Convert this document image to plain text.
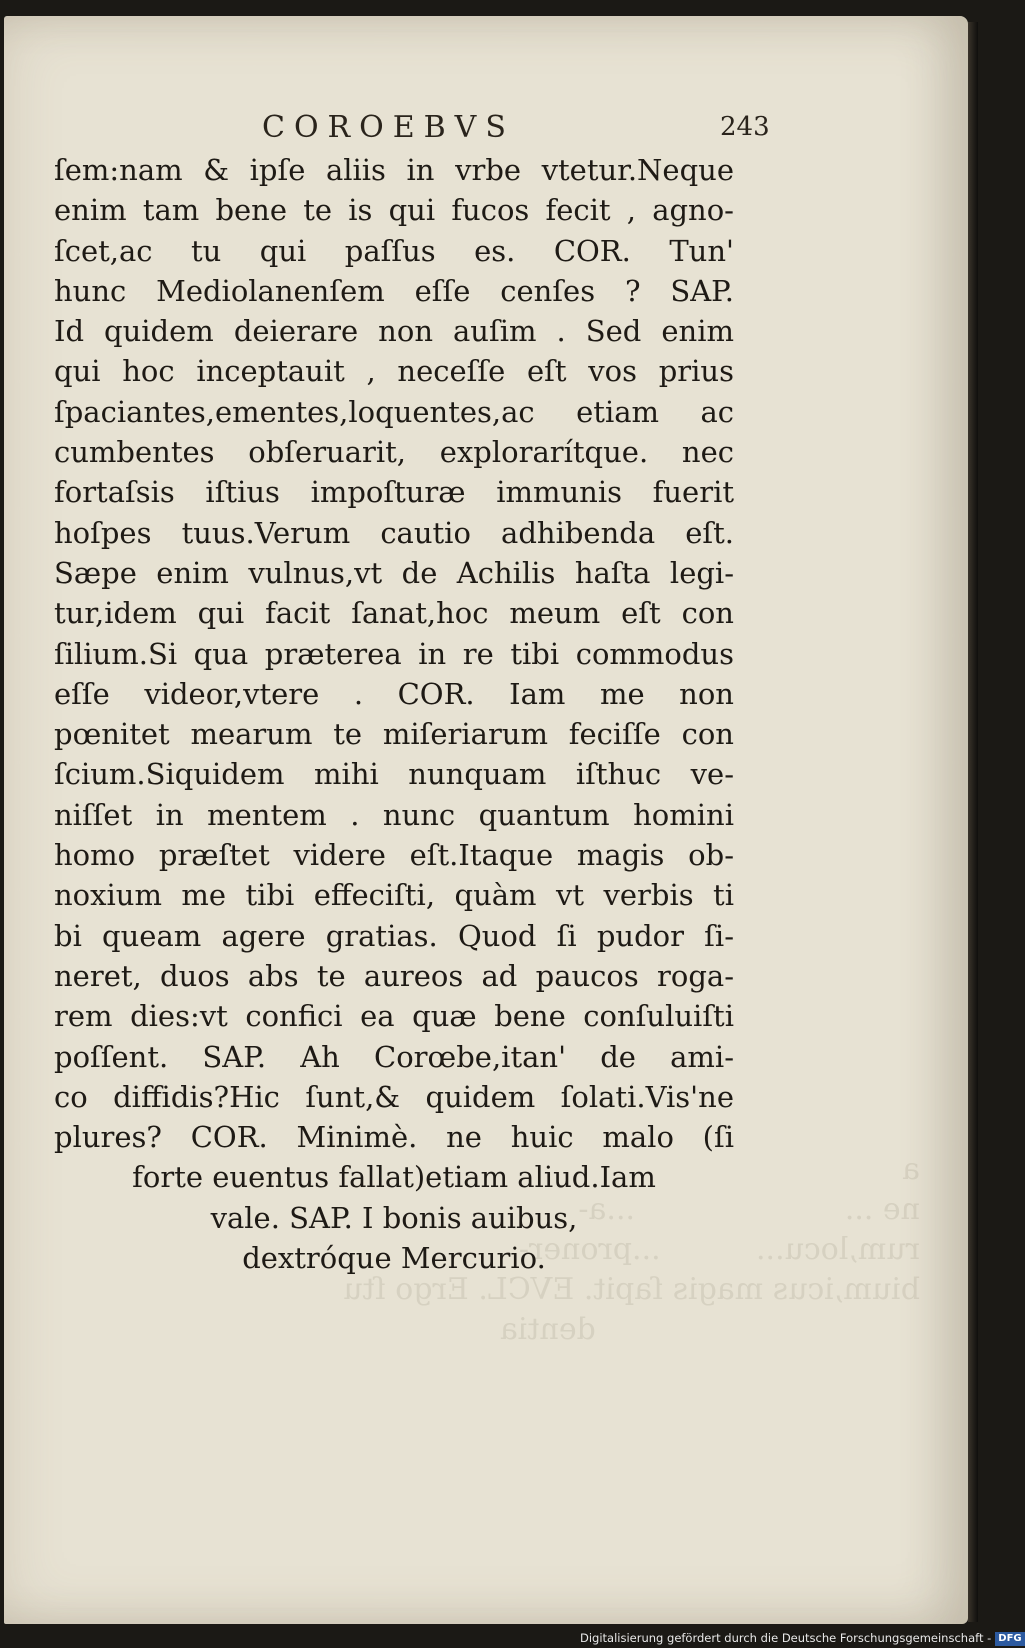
a
ne ...                      ...a-
rum,locu...          ...proner-
bium,icus magis ſapit. EVCL. Ergo ſtu
dentia
COROEBVS	243
ſem:nam & ipſe aliis in vrbe vtetur.Neque
enim tam bene te is qui fucos fecit , agno-
ſcet,ac tu qui paſſus es. COR. Tun'
hunc Mediolanenſem eſſe cenſes ? SAP.
Id quidem deierare non auſim . Sed enim
qui hoc inceptauit , neceſſe eſt vos prius
ſpaciantes,ementes,loquentes,ac etiam ac
cumbentes obſeruarit, explorarítque. nec
fortaſsis iſtius impoſturæ immunis fuerit
hoſpes tuus.Verum cautio adhibenda eſt.
Sæpe enim vulnus,vt de Achilis haſta legi-
tur,idem qui facit ſanat,hoc meum eſt con
ſilium.Si qua præterea in re tibi commodus
eſſe videor,vtere . COR. Iam me non
pœnitet mearum te miſeriarum feciſſe con
ſcium.Siquidem mihi nunquam iſthuc ve-
niſſet in mentem . nunc quantum homini
homo præſtet videre eſt.Itaque magis ob-
noxium me tibi effeciſti, quàm vt verbis ti
bi queam agere gratias. Quod ſi pudor ſi-
neret, duos abs te aureos ad paucos roga-
rem dies:vt confici ea quæ bene conſuluiſti
poſſent. SAP. Ah Corœbe,itan' de ami-
co diffidis?Hic ſunt,& quidem ſolati.Vis'ne
plures? COR. Minimè. ne huic malo (ſi
forte euentus fallat)etiam aliud.Iam
vale. SAP. I bonis auibus,
dextróque Mercurio.
Digitalisierung gefördert durch die Deutsche Forschungsgemeinschaft - DFG
